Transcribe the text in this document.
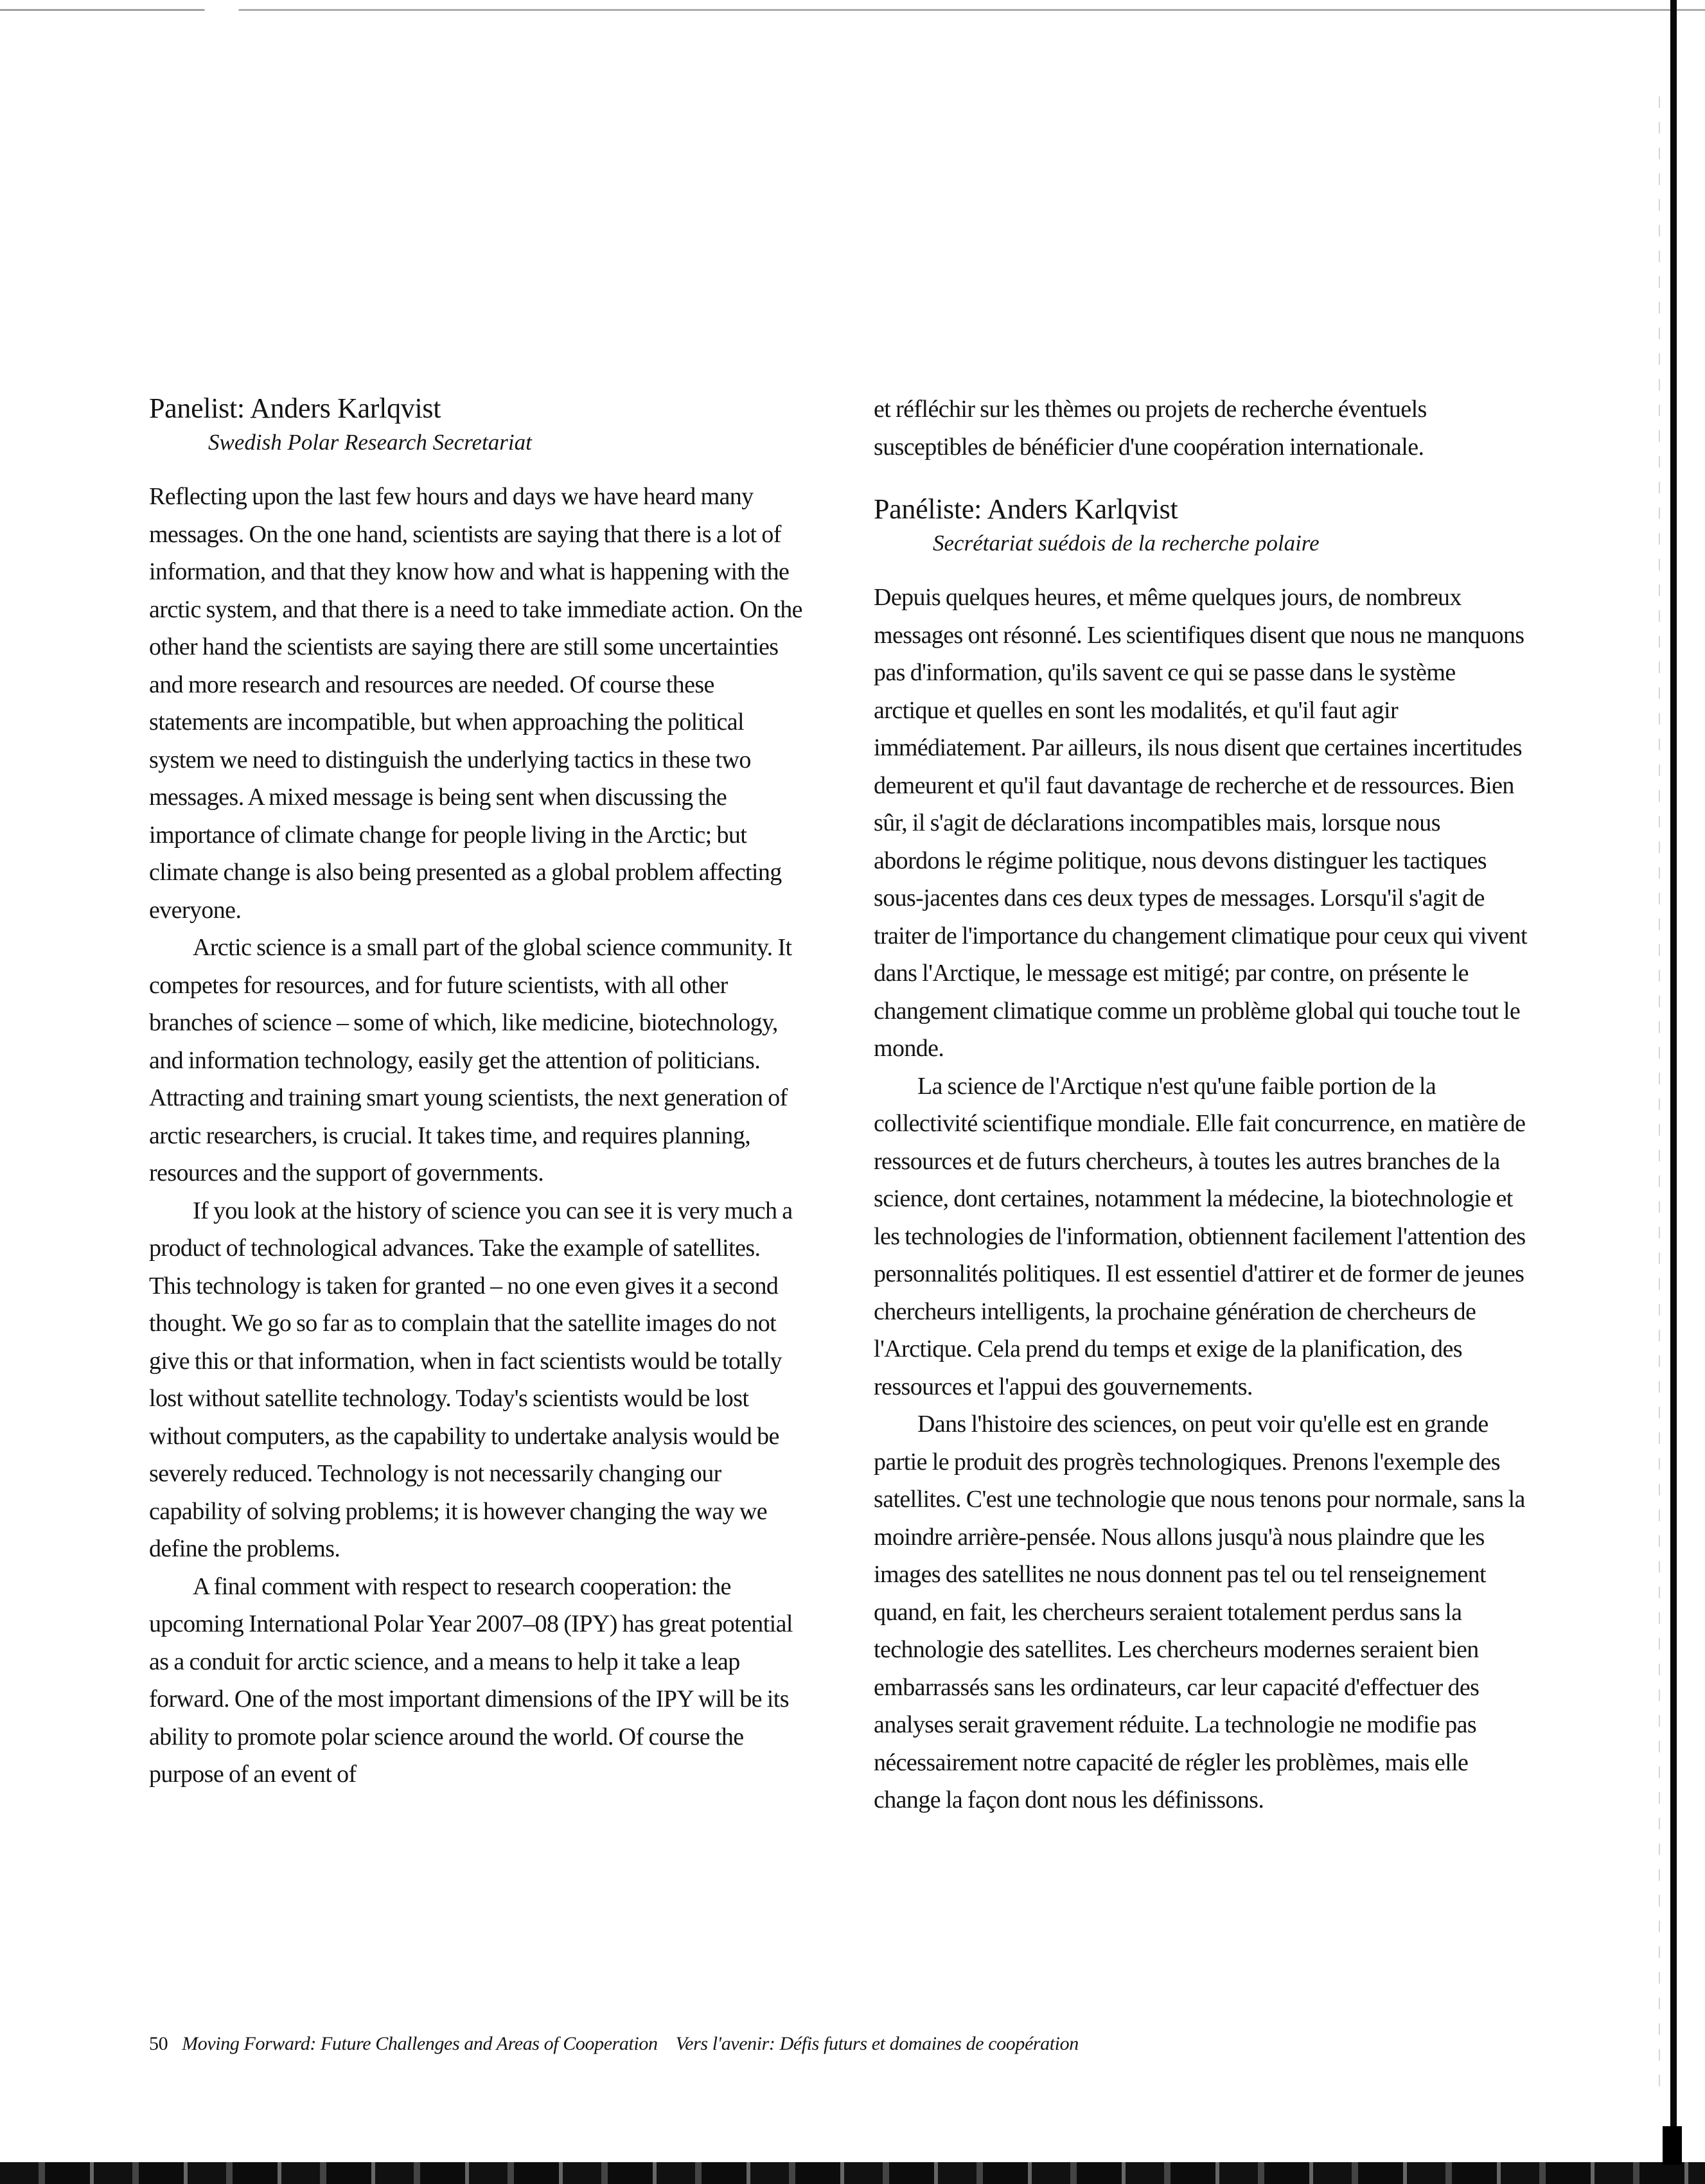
Panelist: Anders Karlqvist
Swedish Polar Research Secretariat

Reflecting upon the last few hours and days we have heard many messages. On the one hand, scientists are saying that there is a lot of information, and that they know how and what is happening with the arctic system, and that there is a need to take immediate action. On the other hand the scientists are saying there are still some uncertainties and more research and resources are needed. Of course these statements are incompatible, but when approaching the political system we need to distinguish the underlying tactics in these two messages. A mixed message is being sent when discussing the importance of climate change for people living in the Arctic; but climate change is also being presented as a global problem affecting everyone.

Arctic science is a small part of the global science community. It competes for resources, and for future scientists, with all other branches of science – some of which, like medicine, biotechnology, and information technology, easily get the attention of politicians. Attracting and training smart young scientists, the next generation of arctic researchers, is crucial. It takes time, and requires planning, resources and the support of governments.

If you look at the history of science you can see it is very much a product of technological advances. Take the example of satellites. This technology is taken for granted – no one even gives it a second thought. We go so far as to complain that the satellite images do not give this or that information, when in fact scientists would be totally lost without satellite technology. Today's scientists would be lost without computers, as the capability to undertake analysis would be severely reduced. Technology is not necessarily changing our capability of solving problems; it is however changing the way we define the problems.

A final comment with respect to research cooperation: the upcoming International Polar Year 2007–08 (IPY) has great potential as a conduit for arctic science, and a means to help it take a leap forward. One of the most important dimensions of the IPY will be its ability to promote polar science around the world. Of course the purpose of an event of

et réfléchir sur les thèmes ou projets de recherche éventuels susceptibles de bénéficier d'une coopération internationale.

Panéliste: Anders Karlqvist
Secrétariat suédois de la recherche polaire

Depuis quelques heures, et même quelques jours, de nombreux messages ont résonné. Les scientifiques disent que nous ne manquons pas d'information, qu'ils savent ce qui se passe dans le système arctique et quelles en sont les modalités, et qu'il faut agir immédiatement. Par ailleurs, ils nous disent que certaines incertitudes demeurent et qu'il faut davantage de recherche et de ressources. Bien sûr, il s'agit de déclarations incompatibles mais, lorsque nous abordons le régime politique, nous devons distinguer les tactiques sous-jacentes dans ces deux types de messages. Lorsqu'il s'agit de traiter de l'importance du changement climatique pour ceux qui vivent dans l'Arctique, le message est mitigé; par contre, on présente le changement climatique comme un problème global qui touche tout le monde.

La science de l'Arctique n'est qu'une faible portion de la collectivité scientifique mondiale. Elle fait concurrence, en matière de ressources et de futurs chercheurs, à toutes les autres branches de la science, dont certaines, notamment la médecine, la biotechnologie et les technologies de l'information, obtiennent facilement l'attention des personnalités politiques. Il est essentiel d'attirer et de former de jeunes chercheurs intelligents, la prochaine génération de chercheurs de l'Arctique. Cela prend du temps et exige de la planification, des ressources et l'appui des gouvernements.

Dans l'histoire des sciences, on peut voir qu'elle est en grande partie le produit des progrès technologiques. Prenons l'exemple des satellites. C'est une technologie que nous tenons pour normale, sans la moindre arrière-pensée. Nous allons jusqu'à nous plaindre que les images des satellites ne nous donnent pas tel ou tel renseignement quand, en fait, les chercheurs seraient totalement perdus sans la technologie des satellites. Les chercheurs modernes seraient bien embarrassés sans les ordinateurs, car leur capacité d'effectuer des analyses serait gravement réduite. La technologie ne modifie pas nécessairement notre capacité de régler les problèmes, mais elle change la façon dont nous les définissons.

50 Moving Forward: Future Challenges and Areas of Cooperation Vers l'avenir: Défis futurs et domaines de coopération
